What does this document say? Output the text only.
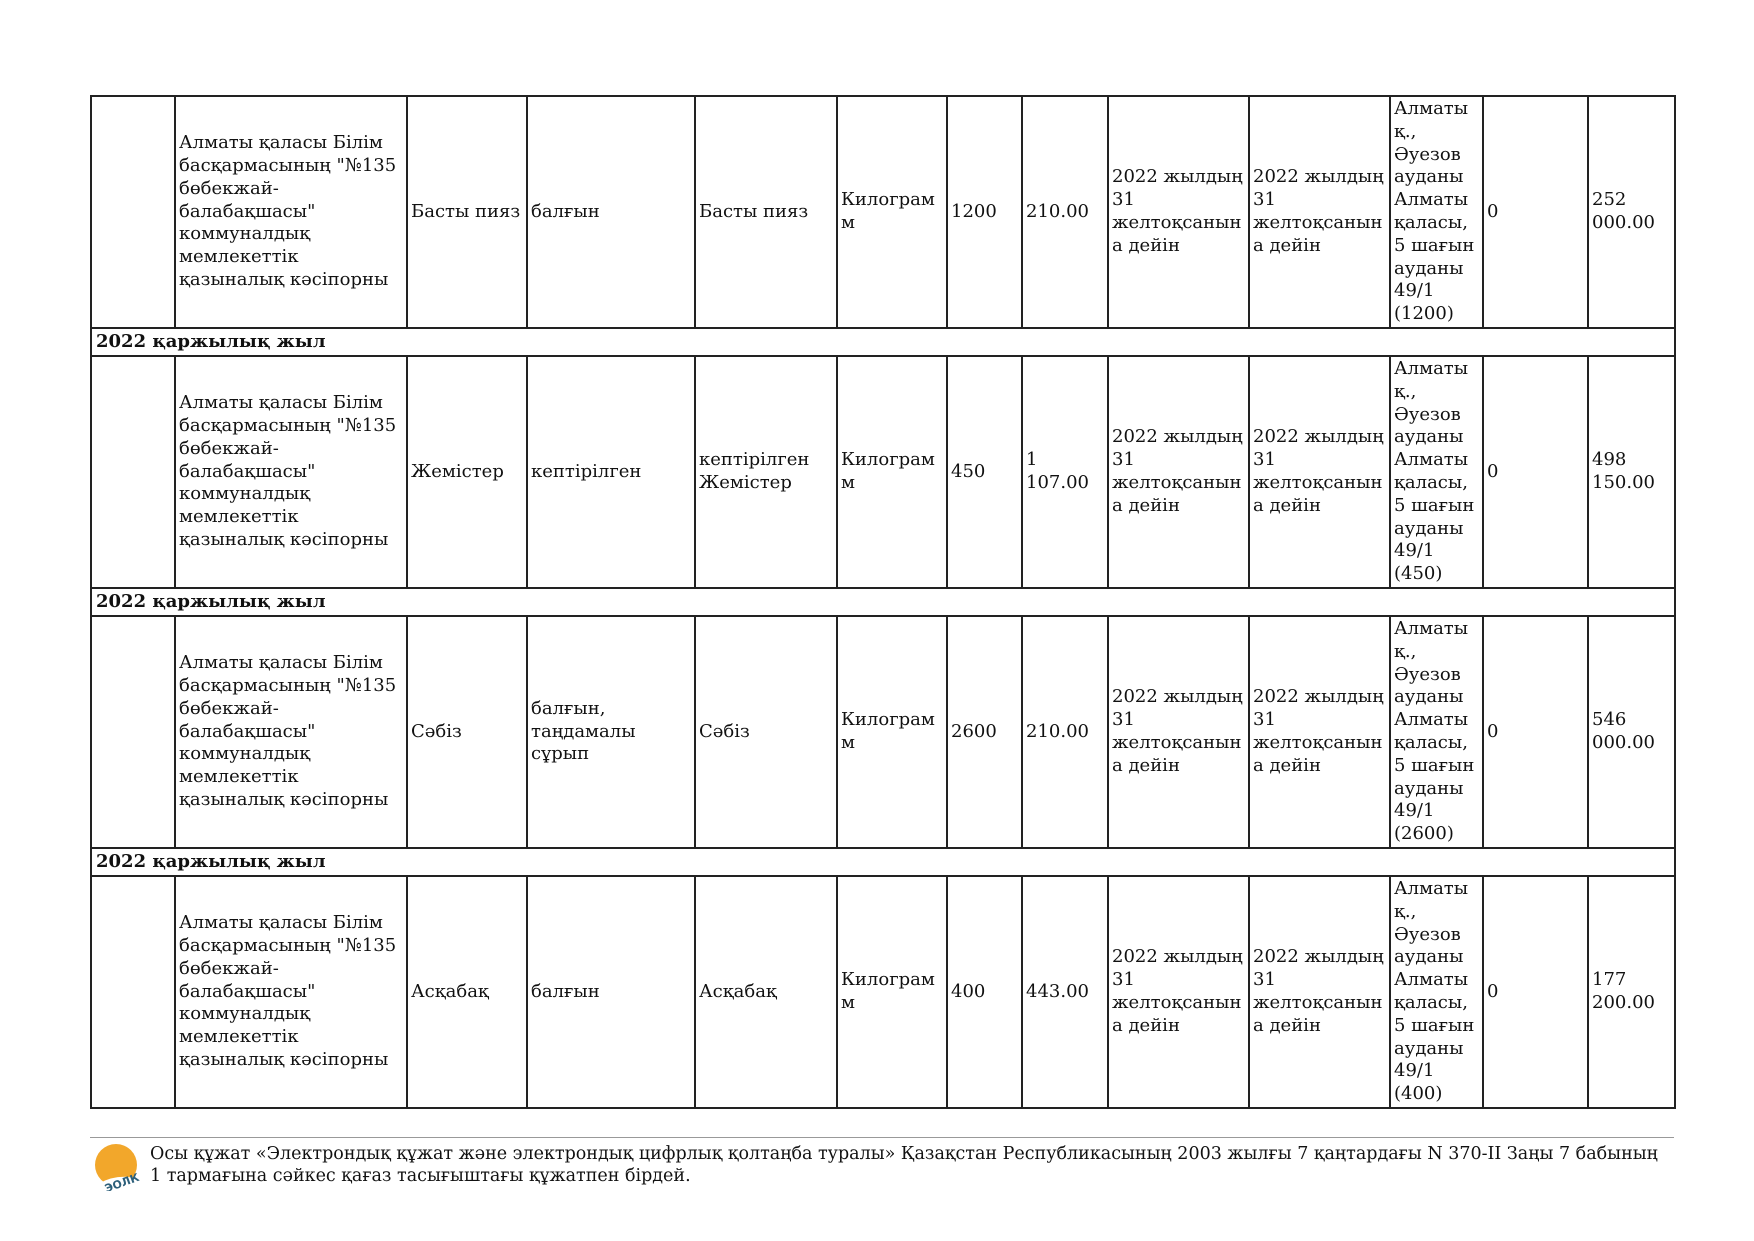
	Алматы қаласы Білім басқармасының "№135 бөбекжай-балабақшасы" коммуналдық мемлекеттік қазыналық кәсіпорны	Басты пияз	балғын	Басты пияз	Килограмм	1200	210.00	2022 жылдың 31 желтоқсанына дейін	2022 жылдың 31 желтоқсанына дейін	Алматы қ., Әуезов ауданы Алматы қаласы, 5 шағын ауданы 49/1 (1200)	0	252 000.00
2022 қаржылық жыл												
	Алматы қаласы Білім басқармасының "№135 бөбекжай-балабақшасы" коммуналдық мемлекеттік қазыналық кәсіпорны	Жемістер	кептірілген	кептірілген Жемістер	Килограмм	450	1 107.00	2022 жылдың 31 желтоқсанына дейін	2022 жылдың 31 желтоқсанына дейін	Алматы қ., Әуезов ауданы Алматы қаласы, 5 шағын ауданы 49/1 (450)	0	498 150.00
2022 қаржылық жыл												
	Алматы қаласы Білім басқармасының "№135 бөбекжай-балабақшасы" коммуналдық мемлекеттік қазыналық кәсіпорны	Сәбіз	балғын, таңдамалы сұрып	Сәбіз	Килограмм	2600	210.00	2022 жылдың 31 желтоқсанына дейін	2022 жылдың 31 желтоқсанына дейін	Алматы қ., Әуезов ауданы Алматы қаласы, 5 шағын ауданы 49/1 (2600)	0	546 000.00
2022 қаржылық жыл												
	Алматы қаласы Білім басқармасының "№135 бөбекжай-балабақшасы" коммуналдық мемлекеттік қазыналық кәсіпорны	Асқабақ	балғын	Асқабақ	Килограмм	400	443.00	2022 жылдың 31 желтоқсанына дейін	2022 жылдың 31 желтоқсанына дейін	Алматы қ., Әуезов ауданы Алматы қаласы, 5 шағын ауданы 49/1 (400)	0	177 200.00
ЭОЛК
Осы құжат «Электрондық құжат және электрондық цифрлық қолтаңба туралы» Қазақстан Республикасының 2003 жылғы 7 қаңтардағы N 370-II Заңы 7 бабының 1 тармағына сәйкес қағаз тасығыштағы құжатпен бірдей.
